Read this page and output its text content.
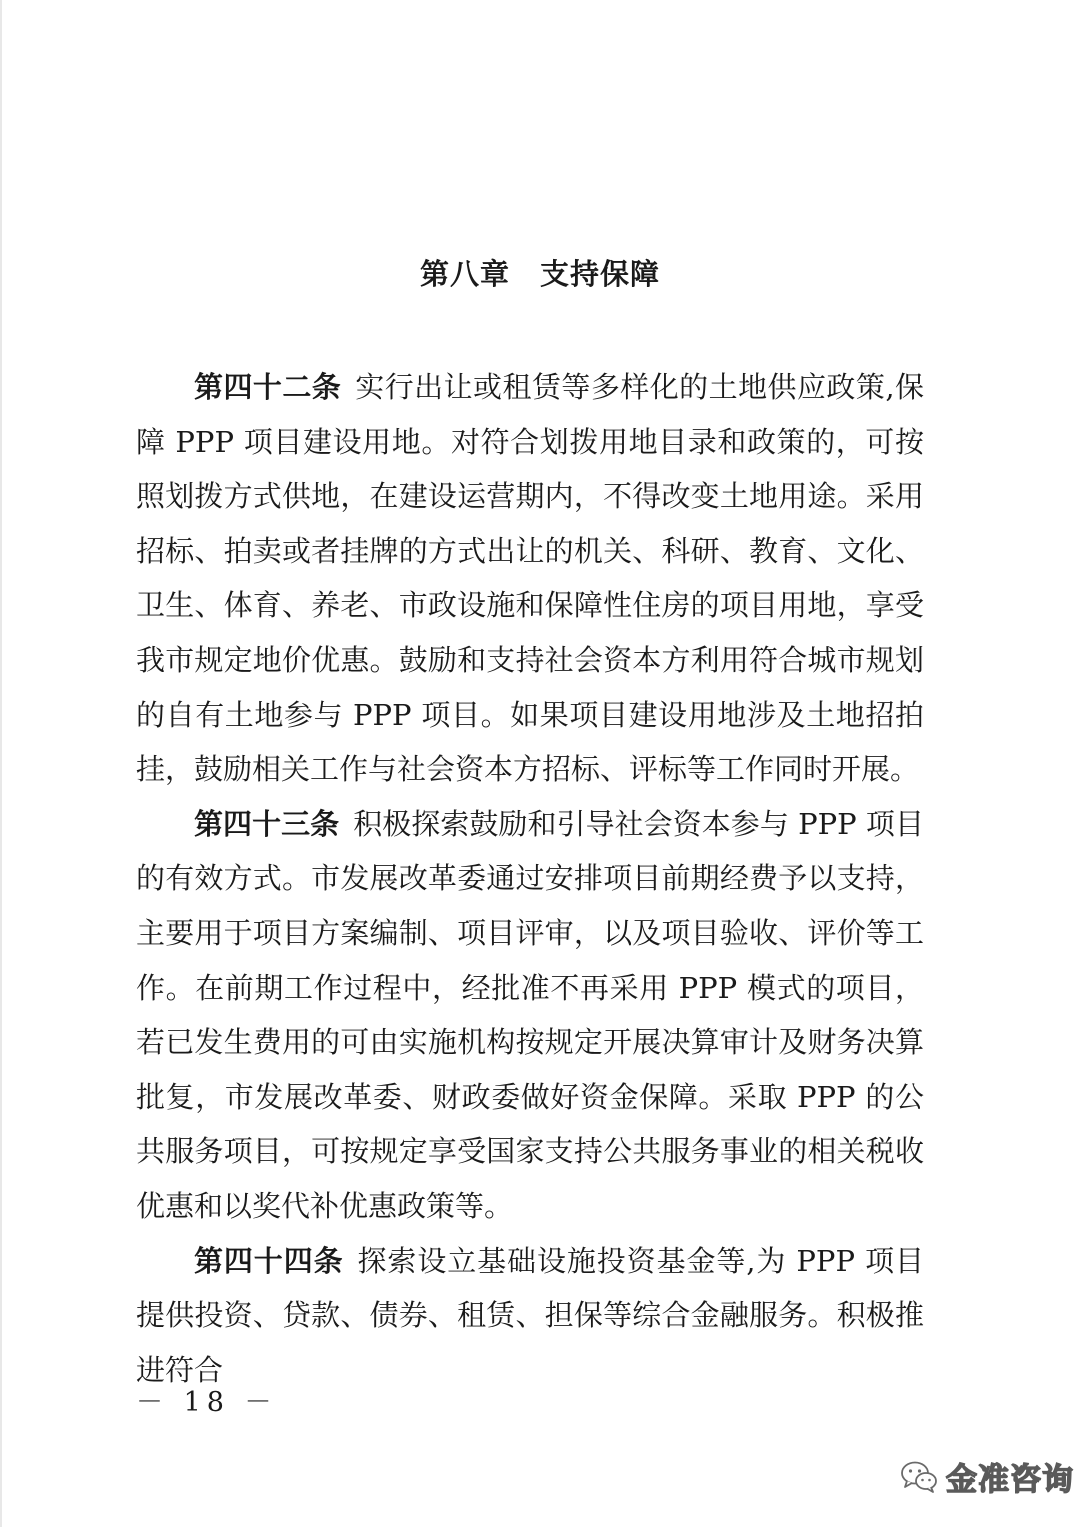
第八章　支持保障

第四十二条 实行出让或租赁等多样化的土地供应政策,保障 PPP 项目建设用地。对符合划拨用地目录和政策的，可按照划拨方式供地，在建设运营期内，不得改变土地用途。采用招标、拍卖或者挂牌的方式出让的机关、科研、教育、文化、卫生、体育、养老、市政设施和保障性住房的项目用地，享受我市规定地价优惠。鼓励和支持社会资本方利用符合城市规划的自有土地参与 PPP 项目。如果项目建设用地涉及土地招拍挂，鼓励相关工作与社会资本方招标、评标等工作同时开展。

第四十三条 积极探索鼓励和引导社会资本参与 PPP 项目的有效方式。市发展改革委通过安排项目前期经费予以支持，主要用于项目方案编制、项目评审，以及项目验收、评价等工作。在前期工作过程中，经批准不再采用 PPP 模式的项目，若已发生费用的可由实施机构按规定开展决算审计及财务决算批复，市发展改革委、财政委做好资金保障。采取 PPP 的公共服务项目，可按规定享受国家支持公共服务事业的相关税收优惠和以奖代补优惠政策等。

第四十四条 探索设立基础设施投资基金等,为 PPP 项目提供投资、贷款、债券、租赁、担保等综合金融服务。积极推进符合

－ 18 －
金准咨询
